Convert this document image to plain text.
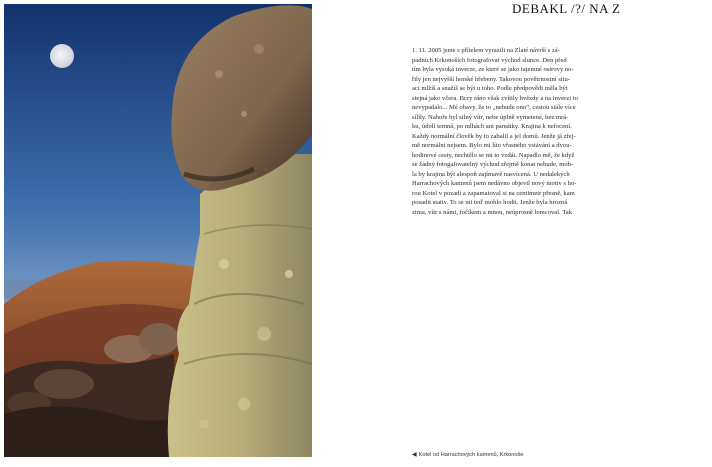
DEBAKL /?/ NA Z
1. 11. 2005 jsme s přítelem vyrazili na Zlaté návrší s zá-
padních Krkonoších fotografovat východ slunce. Den před
tím byla vysoká inverze, ze které se jako tajemné ostrovy no-
řily jen nejvyšší horské hřebeny. Takovou povětrnostní situ-
aci mlžíš a snažíš se být u toho. Podle předpovědi měla být
stejná jako včera. Brzy ráno však zvítily hvězdy a na inverzi to
nevypadalo... Mé obavy, že to „nebude ono“, cestou stále více
sílily. Nahoře byl silný vítr, nebe úplně vymetené, bez mrá-
ku, údolí temná, po mlhách ani památky. Krajina k nefocení.
Každý normální člověk by to zabalil a jel domů. Jenže já zřej-
mě normální nejsem. Bylo mi líto vřasného vstávání a dvou-
hodinové cesty, nechtělo se mi to vzdát. Napadlo mě, že když
se žádný fotogafovatelný východ zřejmě konat nebude, moh-
la by krajina být alespoň zajímavě nasvícená. U nedalekých
Harrachových kamenů jsem nedávno objevil nový motiv s ho-
rou Kotel v pozadí a zapamatoval si na centimetr přesně, kam
posadit stativ. To se mi teď mohlo hodit. Jenže byla hrozná
zima, vítr s námi, fočíkem a mnou, neúprosně lomcoval. Tak
◀ Kotel od Harrachových kamenů, Krkonoše
